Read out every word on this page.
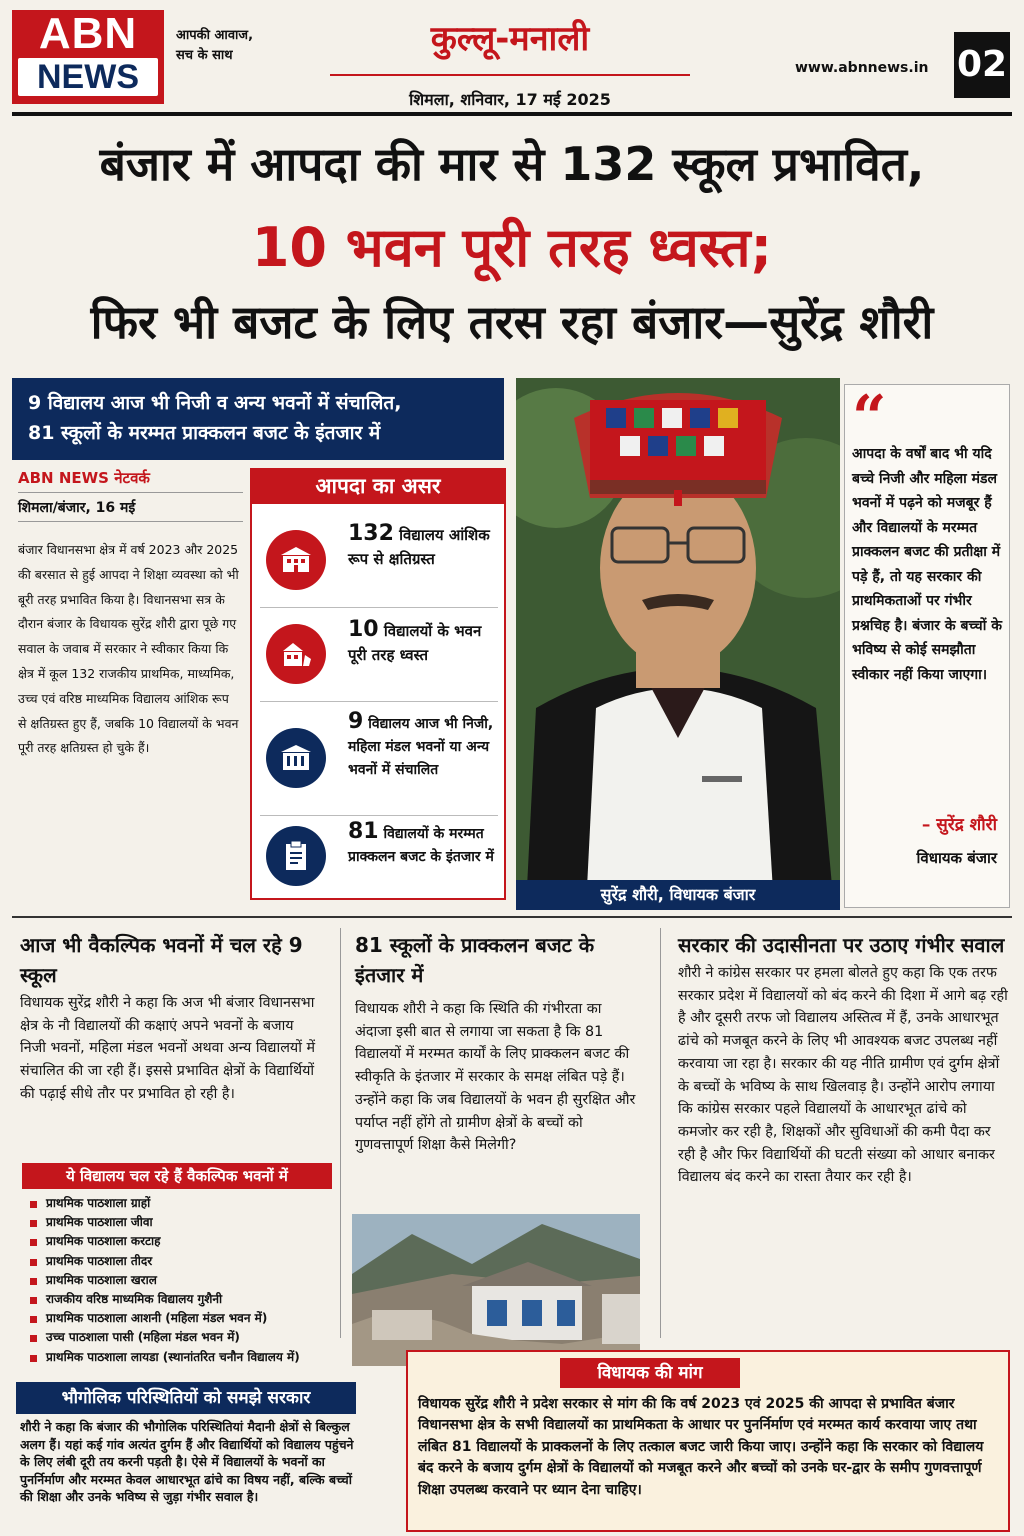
ABN
NEWS
आपकी आवाज,
सच के साथ	कुल्लू-मनाली
शिमला, शनिवार, 17 मई 2025
www.abnnews.in 02
बंजार में आपदा की मार से 132 स्कूल प्रभावित,
10 भवन पूरी तरह ध्वस्त;
फिर भी बजट के लिए तरस रहा बंजार—सुरेंद्र शौरी
9 विद्यालय आज भी निजी व अन्य भवनों में संचालित,
81 स्कूलों के मरम्मत प्राक्कलन बजट के इंतजार में
ABN NEWS नेटवर्क
शिमला/बंजार, 16 मई
बंजार विधानसभा क्षेत्र में वर्ष 2023 और 2025 की बरसात से हुई आपदा ने शिक्षा व्यवस्था को भी बूरी तरह प्रभावित किया है। विधानसभा सत्र के दौरान बंजार के विधायक सुरेंद्र शौरी द्वारा पूछे गए सवाल के जवाब में सरकार ने स्वीकार किया कि क्षेत्र में कूल 132 राजकीय प्राथमिक, माध्यमिक, उच्च एवं वरिष्ठ माध्यमिक विद्यालय आंशिक रूप से क्षतिग्रस्त हुए हैं, जबकि 10 विद्यालयों के भवन पूरी तरह क्षतिग्रस्त हो चुके हैं।
132 विद्यालय आंशिक रूप से क्षतिग्रस्त
10 विद्यालयों के भवन पूरी तरह ध्वस्त
9 विद्यालय आज भी निजी, महिला मंडल भवनों या अन्य भवनों में संचालित
81 विद्यालयों के मरम्मत प्राक्कलन बजट के इंतजार में
आपदा का असर
सुरेंद्र शौरी, विधायक बंजार
“
आपदा के वर्षों बाद भी यदि बच्चे निजी और महिला मंडल भवनों में पढ़ने को मजबूर हैं और विद्यालयों के मरम्मत प्राक्कलन बजट की प्रतीक्षा में पड़े हैं, तो यह सरकार की प्राथमिकताओं पर गंभीर प्रश्नचिह है। बंजार के बच्चों के भविष्य से कोई समझौता स्वीकार नहीं किया जाएगा।
– सुरेंद्र शौरी
विधायक बंजार
आज भी वैकल्पिक भवनों में चल रहे 9 स्कूल
विधायक सुरेंद्र शौरी ने कहा कि अज भी बंजार विधानसभा क्षेत्र के नौ विद्यालयों की कक्षाएं अपने भवनों के बजाय निजी भवनों, महिला मंडल भवनों अथवा अन्य विद्यालयों में संचालित की जा रही हैं। इससे प्रभावित क्षेत्रों के विद्यार्थियों की पढ़ाई सीधे तौर पर प्रभावित हो रही है।
ये विद्यालय चल रहे हैं वैकल्पिक भवनों में
प्राथमिक पाठशाला ग्राहों
प्राथमिक पाठशाला जीवा
प्राथमिक पाठशाला करटाह
प्राथमिक पाठशाला तीदर
प्राथमिक पाठशाला खराल
राजकीय वरिष्ठ माध्यमिक विद्यालय गुशैनी
प्राथमिक पाठशाला आशनी (महिला मंडल भवन में)
उच्च पाठशाला पासी (महिला मंडल भवन में)
प्राथमिक पाठशाला लायडा (स्थानांतरित चनौन विद्यालय में)
81 स्कूलों के प्राक्कलन बजट के इंतजार में
विधायक शौरी ने कहा कि स्थिति की गंभीरता का अंदाजा इसी बात से लगाया जा सकता है कि 81 विद्यालयों में मरम्मत कार्यों के लिए प्राक्कलन बजट की स्वीकृति के इंतजार में सरकार के समक्ष लंबित पड़े हैं। उन्होंने कहा कि जब विद्यालयों के भवन ही सुरक्षित और पर्याप्त नहीं होंगे तो ग्रामीण क्षेत्रों के बच्चों को गुणवत्तापूर्ण शिक्षा कैसे मिलेगी?
सरकार की उदासीनता पर उठाए गंभीर सवाल
शौरी ने कांग्रेस सरकार पर हमला बोलते हुए कहा कि एक तरफ सरकार प्रदेश में विद्यालयों को बंद करने की दिशा में आगे बढ़ रही है और दूसरी तरफ जो विद्यालय अस्तित्व में हैं, उनके आधारभूत ढांचे को मजबूत करने के लिए भी आवश्यक बजट उपलब्ध नहीं करवाया जा रहा है। सरकार की यह नीति ग्रामीण एवं दुर्गम क्षेत्रों के बच्चों के भविष्य के साथ खिलवाड़ है। उन्होंने आरोप लगाया कि कांग्रेस सरकार पहले विद्यालयों के आधारभूत ढांचे को कमजोर कर रही है, शिक्षकों और सुविधाओं की कमी पैदा कर रही है और फिर विद्यार्थियों की घटती संख्या को आधार बनाकर विद्यालय बंद करने का रास्ता तैयार कर रही है।
भौगोलिक परिस्थितियों को समझे सरकार
शौरी ने कहा कि बंजार की भौगोलिक परिस्थितियां मैदानी क्षेत्रों से बिल्कुल अलग हैं। यहां कई गांव अत्यंत दुर्गम हैं और विद्यार्थियों को विद्यालय पहुंचने के लिए लंबी दूरी तय करनी पड़ती है। ऐसे में विद्यालयों के भवनों का पुनर्निर्माण और मरम्मत केवल आधारभूत ढांचे का विषय नहीं, बल्कि बच्चों की शिक्षा और उनके भविष्य से जुड़ा गंभीर सवाल है।
विधायक की मांग
विधायक सुरेंद्र शौरी ने प्रदेश सरकार से मांग की कि वर्ष 2023 एवं 2025 की आपदा से प्रभावित बंजार विधानसभा क्षेत्र के सभी विद्यालयों का प्राथमिकता के आधार पर पुनर्निर्माण एवं मरम्मत कार्य करवाया जाए तथा लंबित 81 विद्यालयों के प्राक्कलनों के लिए तत्काल बजट जारी किया जाए। उन्होंने कहा कि सरकार को विद्यालय बंद करने के बजाय दुर्गम क्षेत्रों के विद्यालयों को मजबूत करने और बच्चों को उनके घर-द्वार के समीप गुणवत्तापूर्ण शिक्षा उपलब्ध करवाने पर ध्यान देना चाहिए।
